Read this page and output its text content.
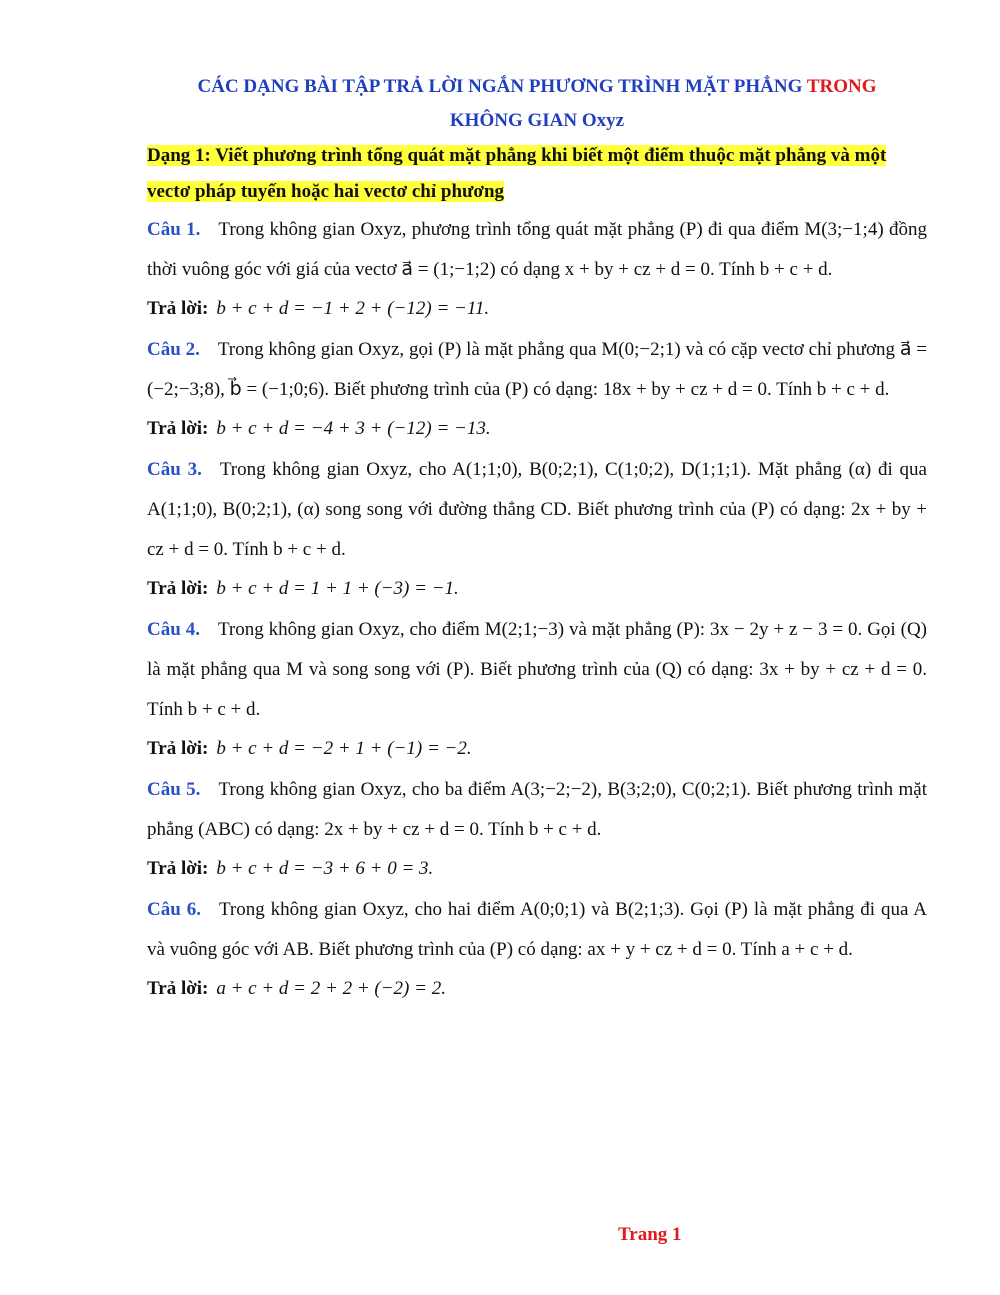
CÁC DẠNG BÀI TẬP TRẢ LỜI NGẮN PHƯƠNG TRÌNH MẶT PHẲNG TRONG
KHÔNG GIAN Oxyz
Dạng 1: Viết phương trình tổng quát mặt phẳng khi biết một điểm thuộc mặt phẳng và một
vectơ pháp tuyến hoặc hai vectơ chỉ phương
Câu 1. Trong không gian Oxyz, phương trình tổng quát mặt phẳng (P) đi qua điểm M(3;−1;4) đồng thời vuông góc với giá của vectơ a⃗ = (1;−1;2) có dạng x + by + cz + d = 0. Tính b + c + d.
Trả lời: b + c + d = −1 + 2 + (−12) = −11.
Câu 2. Trong không gian Oxyz, gọi (P) là mặt phẳng qua M(0;−2;1) và có cặp vectơ chỉ phương a⃗ = (−2;−3;8), b⃗ = (−1;0;6). Biết phương trình của (P) có dạng: 18x + by + cz + d = 0. Tính b + c + d.
Trả lời: b + c + d = −4 + 3 + (−12) = −13.
Câu 3. Trong không gian Oxyz, cho A(1;1;0), B(0;2;1), C(1;0;2), D(1;1;1). Mặt phẳng (α) đi qua A(1;1;0), B(0;2;1), (α) song song với đường thẳng CD. Biết phương trình của (P) có dạng: 2x + by + cz + d = 0. Tính b + c + d.
Trả lời: b + c + d = 1 + 1 + (−3) = −1.
Câu 4. Trong không gian Oxyz, cho điểm M(2;1;−3) và mặt phẳng (P): 3x − 2y + z − 3 = 0. Gọi (Q) là mặt phẳng qua M và song song với (P). Biết phương trình của (Q) có dạng: 3x + by + cz + d = 0. Tính b + c + d.
Trả lời: b + c + d = −2 + 1 + (−1) = −2.
Câu 5. Trong không gian Oxyz, cho ba điểm A(3;−2;−2), B(3;2;0), C(0;2;1). Biết phương trình mặt phẳng (ABC) có dạng: 2x + by + cz + d = 0. Tính b + c + d.
Trả lời: b + c + d = −3 + 6 + 0 = 3.
Câu 6. Trong không gian Oxyz, cho hai điểm A(0;0;1) và B(2;1;3). Gọi (P) là mặt phẳng đi qua A và vuông góc với AB. Biết phương trình của (P) có dạng: ax + y + cz + d = 0. Tính a + c + d.
Trả lời: a + c + d = 2 + 2 + (−2) = 2.
Trang 1
